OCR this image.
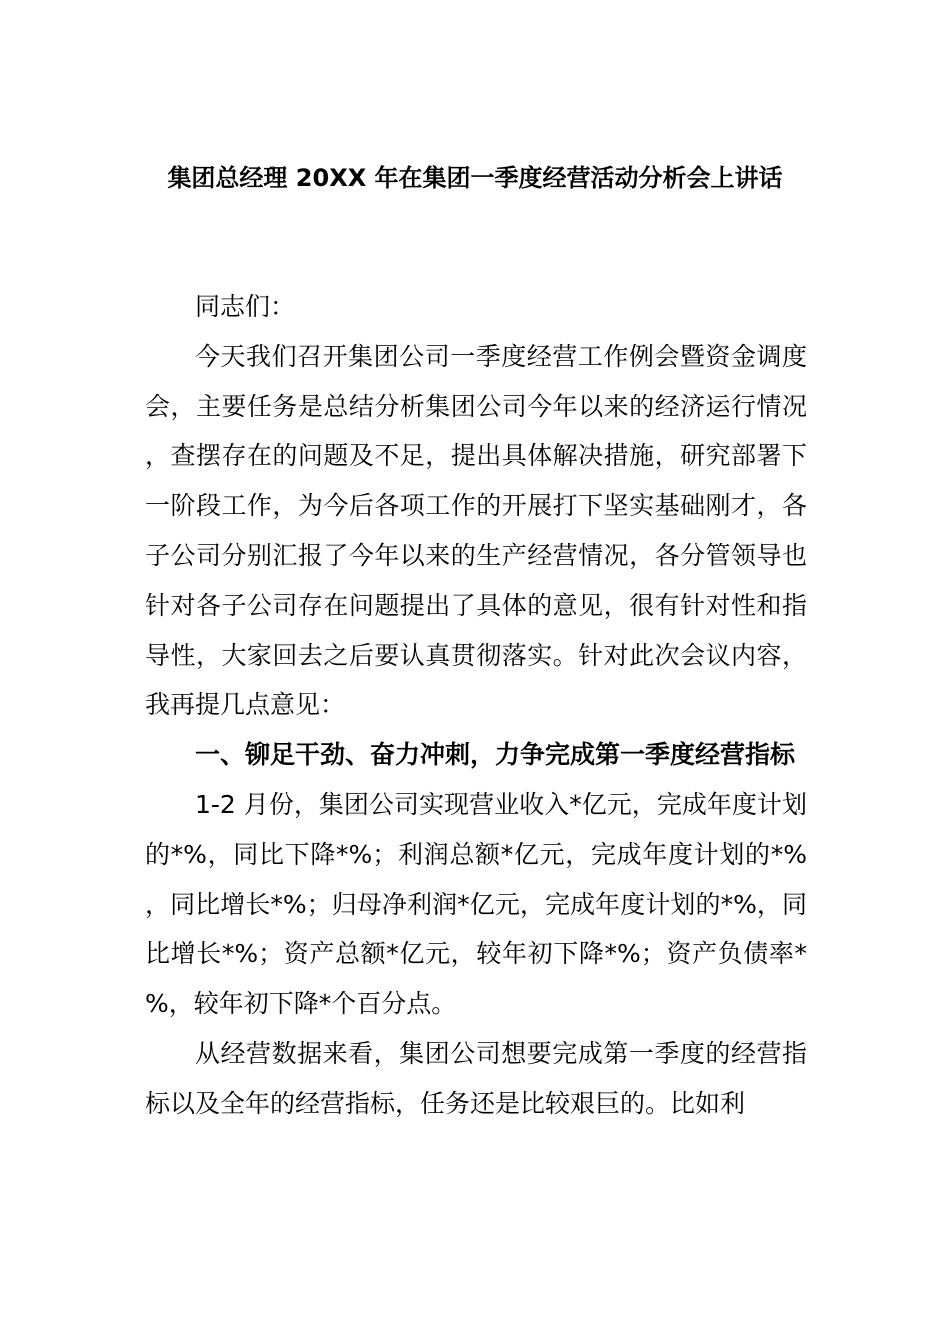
集团总经理 20XX 年在集团一季度经营活动分析会上讲话

同志们：

今天我们召开集团公司一季度经营工作例会暨资金调度会，主要任务是总结分析集团公司今年以来的经济运行情况，查摆存在的问题及不足，提出具体解决措施，研究部署下一阶段工作，为今后各项工作的开展打下坚实基础刚才，各子公司分别汇报了今年以来的生产经营情况，各分管领导也针对各子公司存在问题提出了具体的意见，很有针对性和指导性，大家回去之后要认真贯彻落实。针对此次会议内容，我再提几点意见：

一、铆足干劲、奋力冲刺，力争完成第一季度经营指标

1-2 月份，集团公司实现营业收入*亿元，完成年度计划的*%，同比下降*%；利润总额*亿元，完成年度计划的*%，同比增长*%；归母净利润*亿元，完成年度计划的*%，同比增长*%；资产总额*亿元，较年初下降*%；资产负债率*%，较年初下降*个百分点。

从经营数据来看，集团公司想要完成第一季度的经营指标以及全年的经营指标，任务还是比较艰巨的。比如利
